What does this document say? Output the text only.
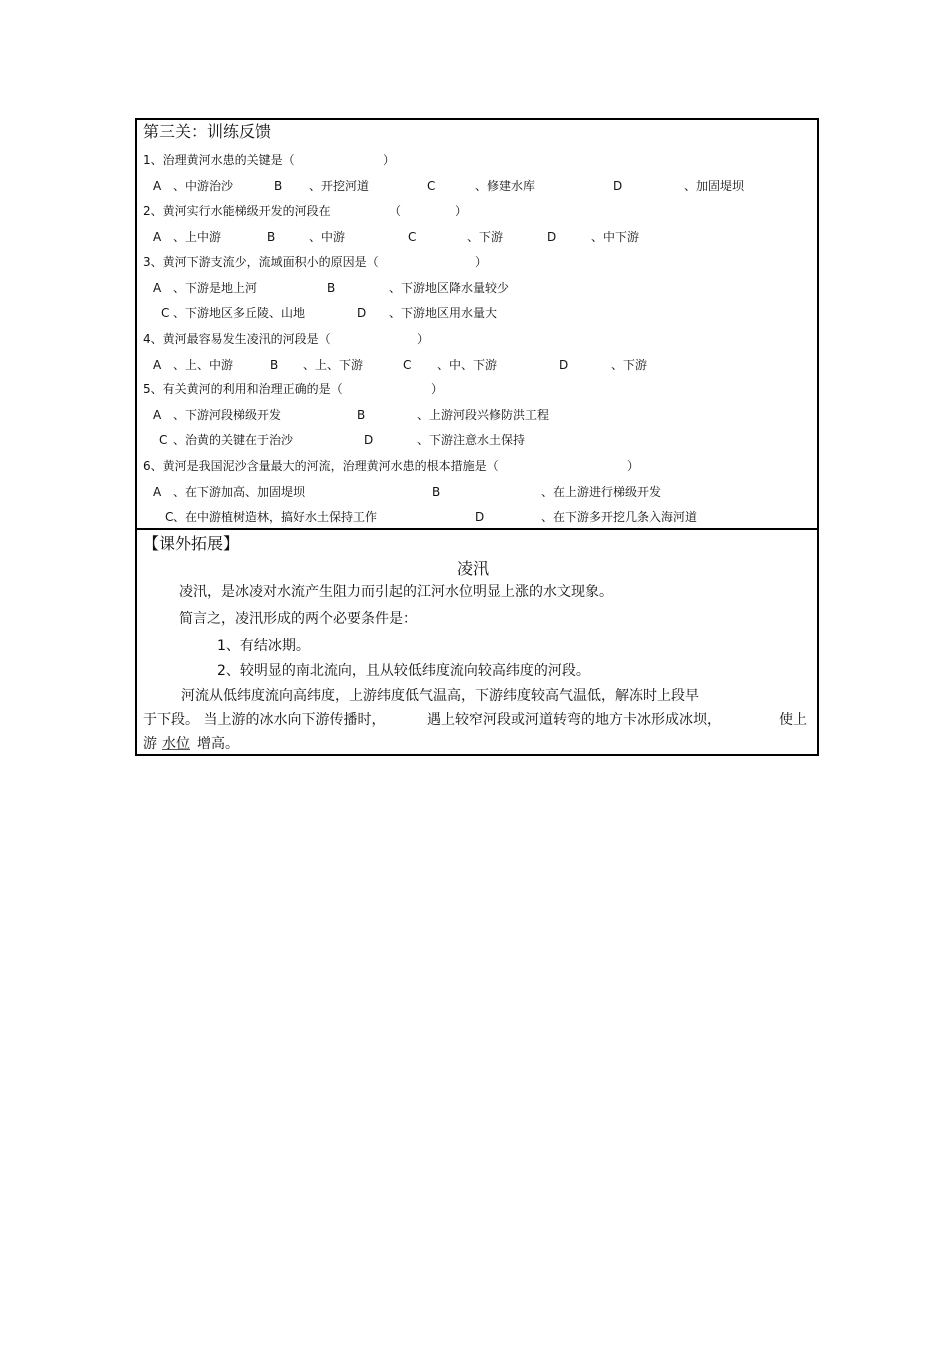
第三关：训练反馈
1、治理黄河水患的关键是（	）
A 、中游治沙	B 、开挖河道	C	、修建水库	D	、加固堤坝
2、黄河实行水能梯级开发的河段在	（	）
A 、上中游	B	、中游	C	、下游	D	、中下游
3、黄河下游支流少，流域面积小的原因是（	）
A 、下游是地上河	B	、下游地区降水量较少
C 、下游地区多丘陵、山地	D 、下游地区用水量大
4、黄河最容易发生凌汛的河段是（	）
A 、上、中游	B 、上、下游	C 、中、下游	D	、下游
5、有关黄河的利用和治理正确的是（	）
A 、下游河段梯级开发	B	、上游河段兴修防洪工程
C 、治黄的关键在于治沙	D	、下游注意水土保持
6、黄河是我国泥沙含量最大的河流，治理黄河水患的根本措施是（	）
A 、在下游加高、加固堤坝	B	、在上游进行梯级开发
C 、在中游植树造林，搞好水土保持工作	D	、在下游多开挖几条入海河道
【课外拓展】
凌汛
凌汛，是冰凌对水流产生阻力而引起的江河水位明显上涨的水文现象。
简言之，凌汛形成的两个必要条件是：
1、有结冰期。
2、较明显的南北流向，且从较低纬度流向较高纬度的河段。
河流从低纬度流向高纬度，上游纬度低气温高，下游纬度较高气温低，解冻时上段早
于下段。 当上游的冰水向下游传播时，	遇上较窄河段或河道转弯的地方卡冰形成冰坝，	使上
游 水位 增高。
